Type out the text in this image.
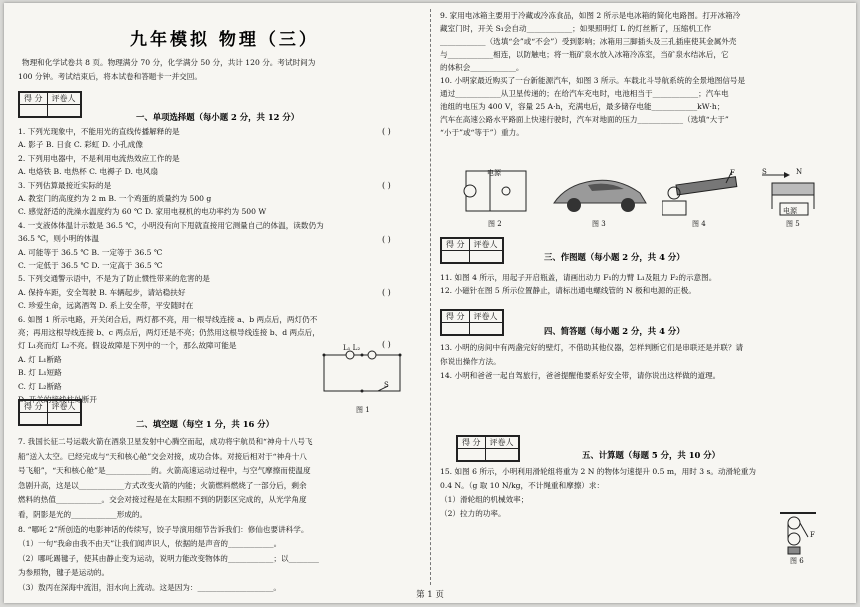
九年模拟 物理（三）
物理和化学试卷共 8 页。物理满分 70 分，化学满分 50 分，共计 120 分。考试时间为
100 分钟。考试结束后，将本试卷和答题卡一并交回。
得 分	评卷人

一、单项选择题（每小题 2 分，共 12 分）
1. 下列光现象中，不能用光的直线传播解释的是
A. 影子 B. 日食 C. 彩虹 D. 小孔成像
2. 下列用电器中，不是利用电流热效应工作的是
A. 电烙铁 B. 电热杯 C. 电褥子 D. 电风扇
3. 下列估算最接近实际的是
A. 教室门的高度约为 2 m B. 一个鸡蛋的质量约为 500 g
C. 感觉舒适的洗澡水温度约为 60 ℃ D. 家用电视机的电功率约为 500 W
4. 一支液体体温计示数是 36.5 ℃，小明没有向下甩就直接用它测量自己的体温，读数仍为
36.5 ℃，则小明的体温
A. 可能等于 36.5 ℃ B. 一定等于 36.5 ℃
C. 一定低于 36.5 ℃ D. 一定高于 36.5 ℃
5. 下列交通警示语中，不是为了防止惯性带来的危害的是
A. 保持车距，安全驾驶 B. 车辆起步，请站稳扶好
C. 珍爱生命，远离酒驾 D. 系上安全带，平安随时在
6. 如图 1 所示电路，开关闭合后，两灯都不亮，用一根导线连接 a、b 两点后，两灯仍不
亮；再用这根导线连接 b、c 两点后，两灯还是不亮；仍然用这根导线连接 b、d 两点后，
灯 L₁亮而灯 L₂不亮。假设故障是下列中的一个，那么故障可能是
A. 灯 L₁断路
B. 灯 L₁短路
C. 灯 L₂断路
D. 开关的接线柱处断开
( )
( )
( )
( )
( )
L₁ L₂
S
图 1
得 分	评卷人

二、填空题（每空 1 分，共 16 分）
7. 我国长征二号运载火箭在酒泉卫星发射中心腾空而起，成功将宇航员和“神舟十八号飞
船”送入太空。已经完成与“天和核心舱”交会对接，成功合体。对接后相对于“神舟十八
号飞船”，“天和核心舱”是____________的。火箭高速运动过程中，与空气摩擦而使温度
急剧升高，这是以____________方式改变火箭的内能；火箭燃料燃烧了一部分后，剩余
燃料的热值____________。交会对接过程是在太阳照不到的阴影区完成的，从光学角度
看，阴影是光的____________形成的。
8. “哪吒 2”所创造的电影神话的传续写，饺子导演用细节告诉我们：修仙也要讲科学。
（1）一句“我命由我不由天”让我们闻声识人，依据的是声音的____________。
（2）哪吒踢毽子，使其由静止变为运动，说明力能改变物体的____________；以________
为参照物，毽子是运动的。
（3）敖丙在深海中流泪，泪水向上流动。这是因为：____________________。
9. 家用电冰箱主要用于冷藏或冷冻食品，如图 2 所示是电冰箱的简化电路图。打开冰箱冷
藏室门时，开关 S₁会自动____________；如果照明灯 L 的灯丝断了，压缩机工作
____________（选填“会”或“不会”）受到影响；冰箱用三脚插头及三孔插座使其金属外壳
与____________相连，以防触电；将一瓶矿泉水放入冰箱冷冻室，当矿泉水结冰后，它
的体积会____________。
10. 小明家最近购买了一台新能源汽车，如图 3 所示。车载北斗导航系统的全景地图信号是
通过____________从卫星传递的；在给汽车充电时，电池相当于____________；汽车电
池组的电压为 400 V，容量 25 A·h，充满电后，最多储存电能____________kW·h；
汽车在高速公路水平路面上快速行驶时，汽车对地面的压力____________（选填“大于”
“小于”或“等于”）重力。
电源
图 2	图 3
F
图 4
S	N
电源
图 5
得 分	评卷人

三、作图题（每小题 2 分，共 4 分）
11. 如图 4 所示，用起子开启瓶盖，请画出动力 F₁的力臂 L₁及阻力 F₂的示意图。
12. 小磁针在图 5 所示位置静止，请标出通电螺线管的 N 极和电源的正极。
得 分	评卷人

四、简答题（每小题 2 分，共 4 分）
13. 小明的房间中有两盏完好的壁灯，不借助其他仪器，怎样判断它们是串联还是并联？请
你说出操作方法。
14. 小明和爸爸一起自驾旅行，爸爸提醒他要系好安全带，请你说出这样做的道理。
得 分	评卷人

五、计算题（每题 5 分，共 10 分）
15. 如图 6 所示，小明利用滑轮组将重为 2 N 的物体匀速提升 0.5 m，用时 3 s。动滑轮重为
0.4 N。（g 取 10 N/kg，不计绳重和摩擦）求：
（1）滑轮组的机械效率；
（2）拉力的功率。
F
图 6
第 1 页
